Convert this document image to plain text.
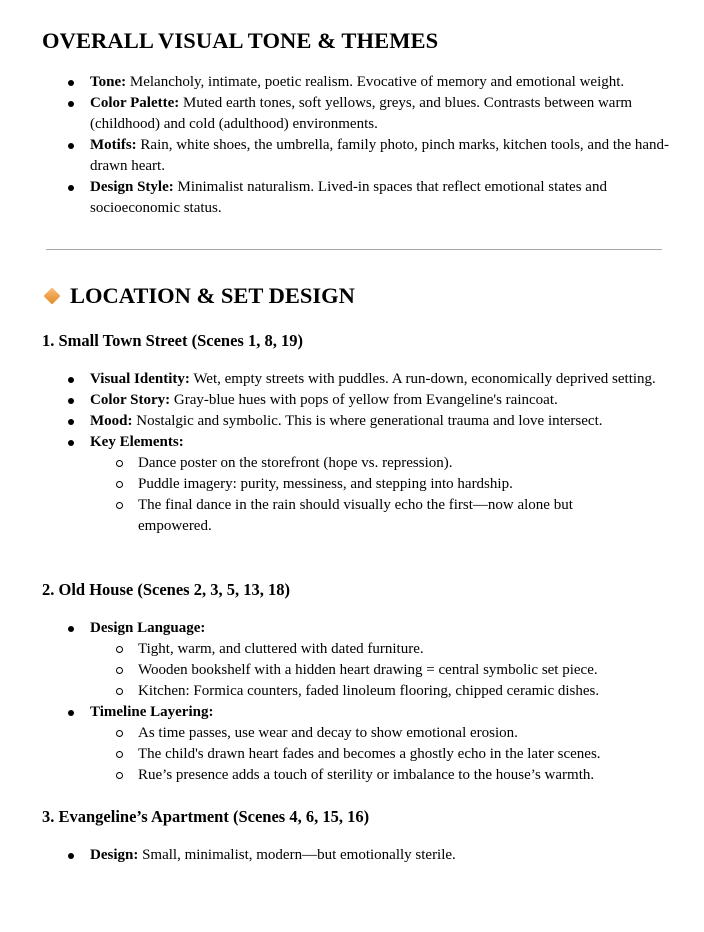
OVERALL VISUAL TONE & THEMES
Tone: Melancholy, intimate, poetic realism. Evocative of memory and emotional weight.
Color Palette: Muted earth tones, soft yellows, greys, and blues. Contrasts between warm (childhood) and cold (adulthood) environments.
Motifs: Rain, white shoes, the umbrella, family photo, pinch marks, kitchen tools, and the hand-drawn heart.
Design Style: Minimalist naturalism. Lived-in spaces that reflect emotional states and socioeconomic status.
LOCATION & SET DESIGN
1. Small Town Street (Scenes 1, 8, 19)
Visual Identity: Wet, empty streets with puddles. A run-down, economically deprived setting.
Color Story: Gray-blue hues with pops of yellow from Evangeline's raincoat.
Mood: Nostalgic and symbolic. This is where generational trauma and love intersect.
Key Elements:
Dance poster on the storefront (hope vs. repression).
Puddle imagery: purity, messiness, and stepping into hardship.
The final dance in the rain should visually echo the first—now alone but empowered.
2. Old House (Scenes 2, 3, 5, 13, 18)
Design Language:
Tight, warm, and cluttered with dated furniture.
Wooden bookshelf with a hidden heart drawing = central symbolic set piece.
Kitchen: Formica counters, faded linoleum flooring, chipped ceramic dishes.
Timeline Layering:
As time passes, use wear and decay to show emotional erosion.
The child's drawn heart fades and becomes a ghostly echo in the later scenes.
Rue’s presence adds a touch of sterility or imbalance to the house’s warmth.
3. Evangeline’s Apartment (Scenes 4, 6, 15, 16)
Design: Small, minimalist, modern—but emotionally sterile.
